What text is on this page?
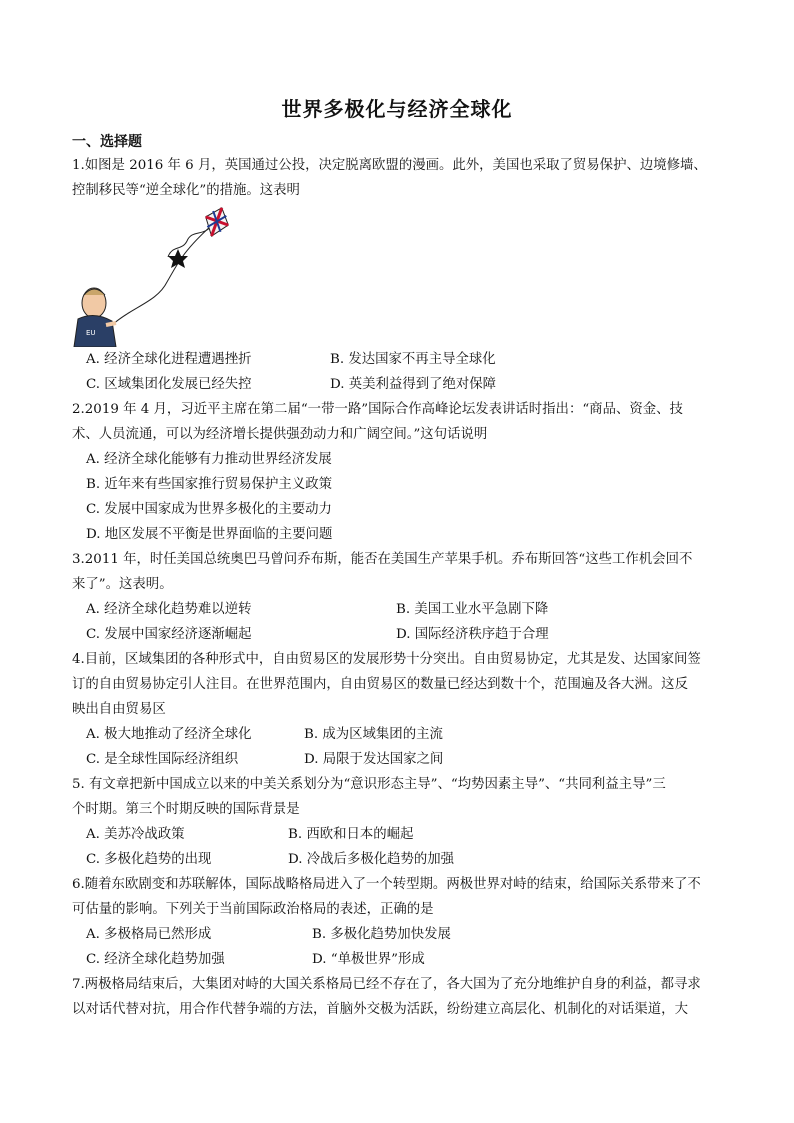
世界多极化与经济全球化
一、选择题
1.如图是 2016 年 6 月，英国通过公投，决定脱离欧盟的漫画。此外，美国也采取了贸易保护、边境修墙、
控制移民等“逆全球化”的措施。这表明
EU
A. 经济全球化进程遭遇挫折	B. 发达国家不再主导全球化
C. 区域集团化发展已经失控	D. 英美利益得到了绝对保障
2.2019 年 4 月，习近平主席在第二届“一带一路”国际合作高峰论坛发表讲话时指出：“商品、资金、技
术、人员流通，可以为经济增长提供强劲动力和广阔空间。”这句话说明
A. 经济全球化能够有力推动世界经济发展
B. 近年来有些国家推行贸易保护主义政策
C. 发展中国家成为世界多极化的主要动力
D. 地区发展不平衡是世界面临的主要问题
3.2011 年，时任美国总统奥巴马曾问乔布斯，能否在美国生产苹果手机。乔布斯回答“这些工作机会回不
来了”。这表明。
A. 经济全球化趋势难以逆转	B. 美国工业水平急剧下降
C. 发展中国家经济逐渐崛起	D. 国际经济秩序趋于合理
4.目前，区域集团的各种形式中，自由贸易区的发展形势十分突出。自由贸易协定，尤其是发、达国家间签
订的自由贸易协定引人注目。在世界范围内，自由贸易区的数量已经达到数十个，范围遍及各大洲。这反
映出自由贸易区
A. 极大地推动了经济全球化	B. 成为区域集团的主流
C. 是全球性国际经济组织	D. 局限于发达国家之间
5. 有文章把新中国成立以来的中美关系划分为“意识形态主导”、“均势因素主导”、“共同利益主导”三
个时期。第三个时期反映的国际背景是
A. 美苏冷战政策	B. 西欧和日本的崛起
C. 多极化趋势的出现	D. 冷战后多极化趋势的加强
6.随着东欧剧变和苏联解体，国际战略格局进入了一个转型期。两极世界对峙的结束，给国际关系带来了不
可估量的影响。下列关于当前国际政治格局的表述，正确的是
A. 多极格局已然形成	B. 多极化趋势加快发展
C. 经济全球化趋势加强	D. “单极世界”形成
7.两极格局结束后，大集团对峙的大国关系格局已经不存在了，各大国为了充分地维护自身的利益，都寻求
以对话代替对抗，用合作代替争端的方法，首脑外交极为活跃，纷纷建立高层化、机制化的对话渠道，大
